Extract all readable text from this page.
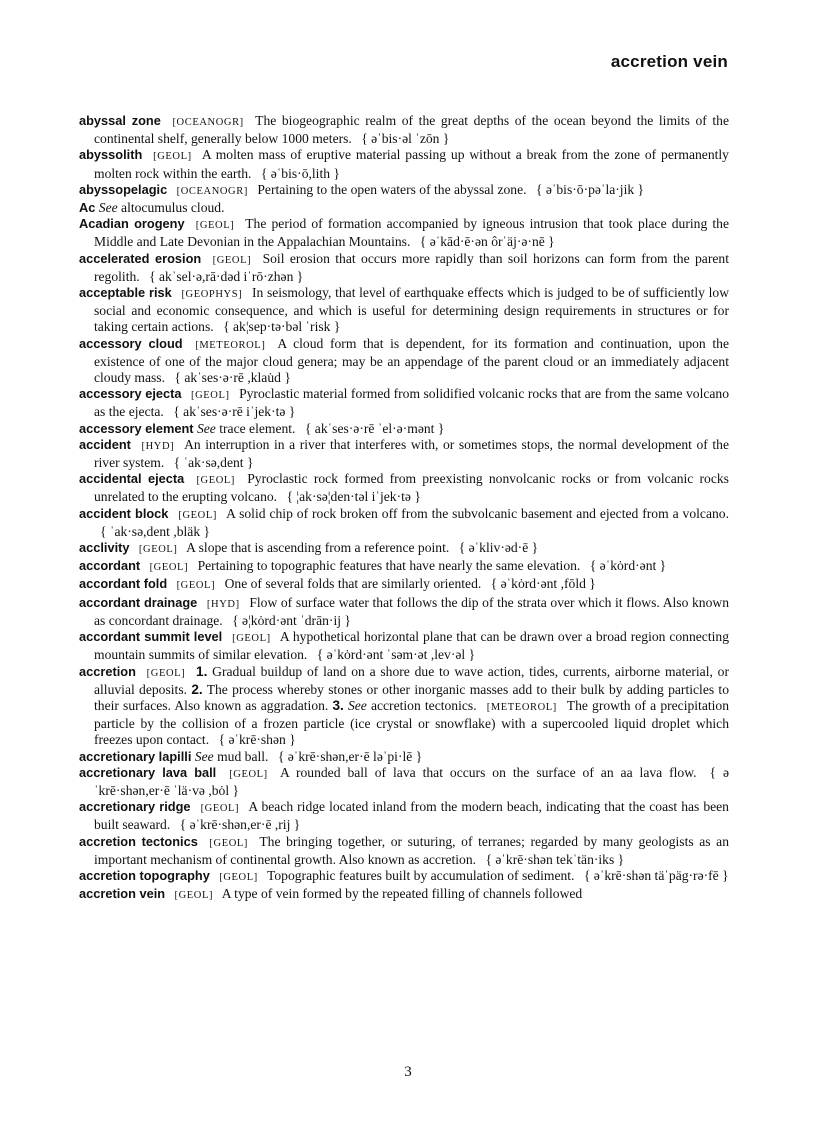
accretion vein

abyssal zone [OCEANOGR] The biogeographic realm of the great depths of the ocean beyond the limits of the continental shelf, generally below 1000 meters. { əˈbis·əl ˈzōn }

abyssolith [GEOL] A molten mass of eruptive material passing up without a break from the zone of permanently molten rock within the earth. { əˈbis·ō,lith }

abyssopelagic [OCEANOGR] Pertaining to the open waters of the abyssal zone. { əˈbis·ō·pəˈla·jik }

Ac See altocumulus cloud.

Acadian orogeny [GEOL] The period of formation accompanied by igneous intrusion that took place during the Middle and Late Devonian in the Appalachian Mountains. { əˈkād·ē·ən ôrˈäj·ə·nē }

accelerated erosion [GEOL] Soil erosion that occurs more rapidly than soil horizons can form from the parent regolith. { akˈsel·ə,rā·dəd iˈrō·zhən }

acceptable risk [GEOPHYS] In seismology, that level of earthquake effects which is judged to be of sufficiently low social and economic consequence, and which is useful for determining design requirements in structures or for taking certain actions. { ak¦sep·tə·bəl ˈrisk }

accessory cloud [METEOROL] A cloud form that is dependent, for its formation and continuation, upon the existence of one of the major cloud genera; may be an appendage of the parent cloud or an immediately adjacent cloudy mass. { akˈses·ə·rē ,klau̇d }

accessory ejecta [GEOL] Pyroclastic material formed from solidified volcanic rocks that are from the same volcano as the ejecta. { akˈses·ə·rē iˈjek·tə }

accessory element See trace element. { akˈses·ə·rē ˈel·ə·mənt }

accident [HYD] An interruption in a river that interferes with, or sometimes stops, the normal development of the river system. { ˈak·sə,dent }

accidental ejecta [GEOL] Pyroclastic rock formed from preexisting nonvolcanic rocks or from volcanic rocks unrelated to the erupting volcano. { ¦ak·sə¦den·təl iˈjek·tə }

accident block [GEOL] A solid chip of rock broken off from the subvolcanic basement and ejected from a volcano. { ˈak·sə,dent ,bläk }

acclivity [GEOL] A slope that is ascending from a reference point. { əˈkliv·əd·ē }

accordant [GEOL] Pertaining to topographic features that have nearly the same elevation. { əˈkȯrd·ənt }

accordant fold [GEOL] One of several folds that are similarly oriented. { əˈkȯrd·ənt ,fōld }

accordant drainage [HYD] Flow of surface water that follows the dip of the strata over which it flows. Also known as concordant drainage. { ə¦kȯrd·ənt ˈdrān·ij }

accordant summit level [GEOL] A hypothetical horizontal plane that can be drawn over a broad region connecting mountain summits of similar elevation. { əˈkȯrd·ənt ˈsəm·ət ,lev·əl }

accretion [GEOL] 1. Gradual buildup of land on a shore due to wave action, tides, currents, airborne material, or alluvial deposits. 2. The process whereby stones or other inorganic masses add to their bulk by adding particles to their surfaces. Also known as aggradation. 3. See accretion tectonics. [METEOROL] The growth of a precipitation particle by the collision of a frozen particle (ice crystal or snowflake) with a supercooled liquid droplet which freezes upon contact. { əˈkrē·shən }

accretionary lapilli See mud ball. { əˈkrē·shən,er·ē ləˈpi·lē }

accretionary lava ball [GEOL] A rounded ball of lava that occurs on the surface of an aa lava flow. { əˈkrē·shən,er·ē ˈlä·və ,bȯl }

accretionary ridge [GEOL] A beach ridge located inland from the modern beach, indicating that the coast has been built seaward. { əˈkrē·shən,er·ē ,rij }

accretion tectonics [GEOL] The bringing together, or suturing, of terranes; regarded by many geologists as an important mechanism of continental growth. Also known as accretion. { əˈkrē·shən tekˈtän·iks }

accretion topography [GEOL] Topographic features built by accumulation of sediment. { əˈkrē·shən täˈpäg·rə·fē }

accretion vein [GEOL] A type of vein formed by the repeated filling of channels followed

3
